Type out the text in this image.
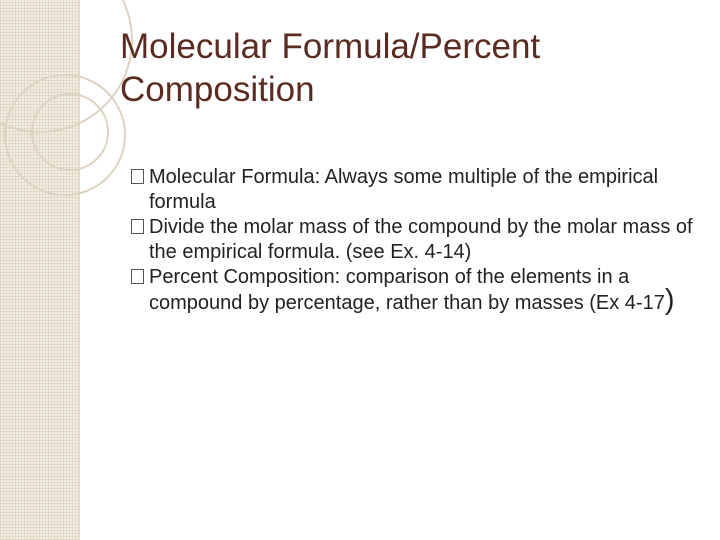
Molecular Formula/Percent Composition
Molecular Formula: Always some multiple of the empirical formula
Divide the molar mass of the compound by the molar mass of the empirical formula. (see Ex. 4-14)
Percent Composition: comparison of the elements in a compound by percentage, rather than by masses (Ex 4-17)
